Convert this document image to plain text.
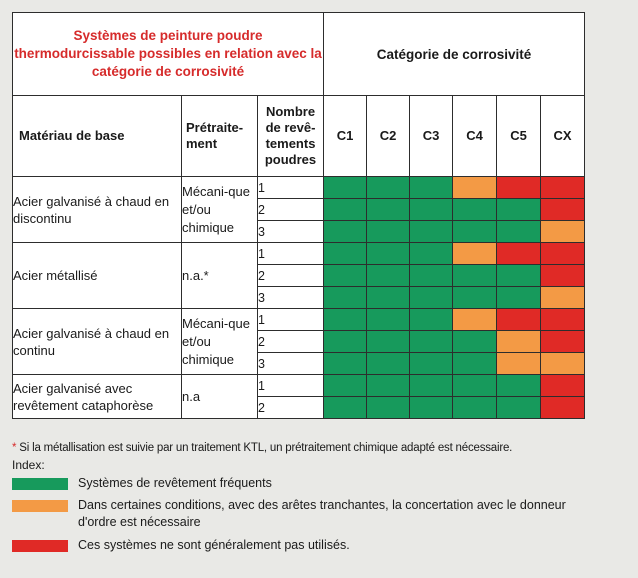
Systèmes de peinture poudre thermodurcissable possibles en relation avec la catégorie de corrosivité			Catégorie de corrosivité					
Matériau de base	Prétraite-ment	Nombre de revê-tements poudres	C1	C2	C3	C4	C5	CX
Acier galvanisé à chaud en discontinu	Mécani-que et/ou chimique	1						
		2						
		3						
Acier métallisé	n.a.*	1						
		2						
		3						
Acier galvanisé à chaud en continu	Mécani-que et/ou chimique	1						
		2						
		3						
Acier galvanisé avec revêtement cataphorèse	n.a	1						
		2						
* Si la métallisation est suivie par un traitement KTL, un prétraitement chimique adapté est nécessaire.
Index:
Systèmes de revêtement fréquents
Dans certaines conditions, avec des arêtes tranchantes, la concertation avec le donneur d'ordre est nécessaire
Ces systèmes ne sont généralement pas utilisés.
